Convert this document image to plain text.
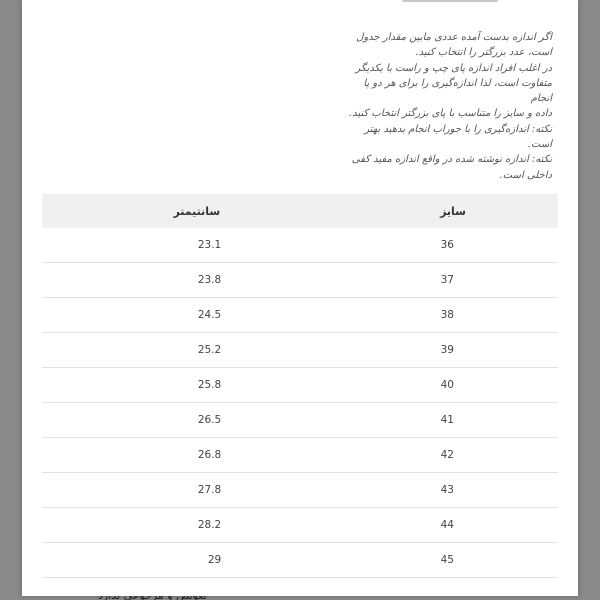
اگر اندازه بدست آمده عددی مابین مقدار جدول

است، عدد بزرگتر را انتخاب کنید.

در اغلب افراد اندازه پای چپ و راست با یکدیگر

متفاوت است، لذا اندازه‌گیری را برای هر دو پا انجام

داده و سایز را متناسب با پای بزرگتر انتخاب کنید.

نکته: اندازه‌گیری را با جوراب انجام بدهید بهتر

است.

نکته: اندازه نوشته شده در واقع اندازه مفید کفی

داخلی است.

سایز	سانتیمتر
36	23.1
37	23.8
38	24.5
39	25.2
40	25.8
41	26.5
42	26.8
43	27.8
44	28.2
45	29
